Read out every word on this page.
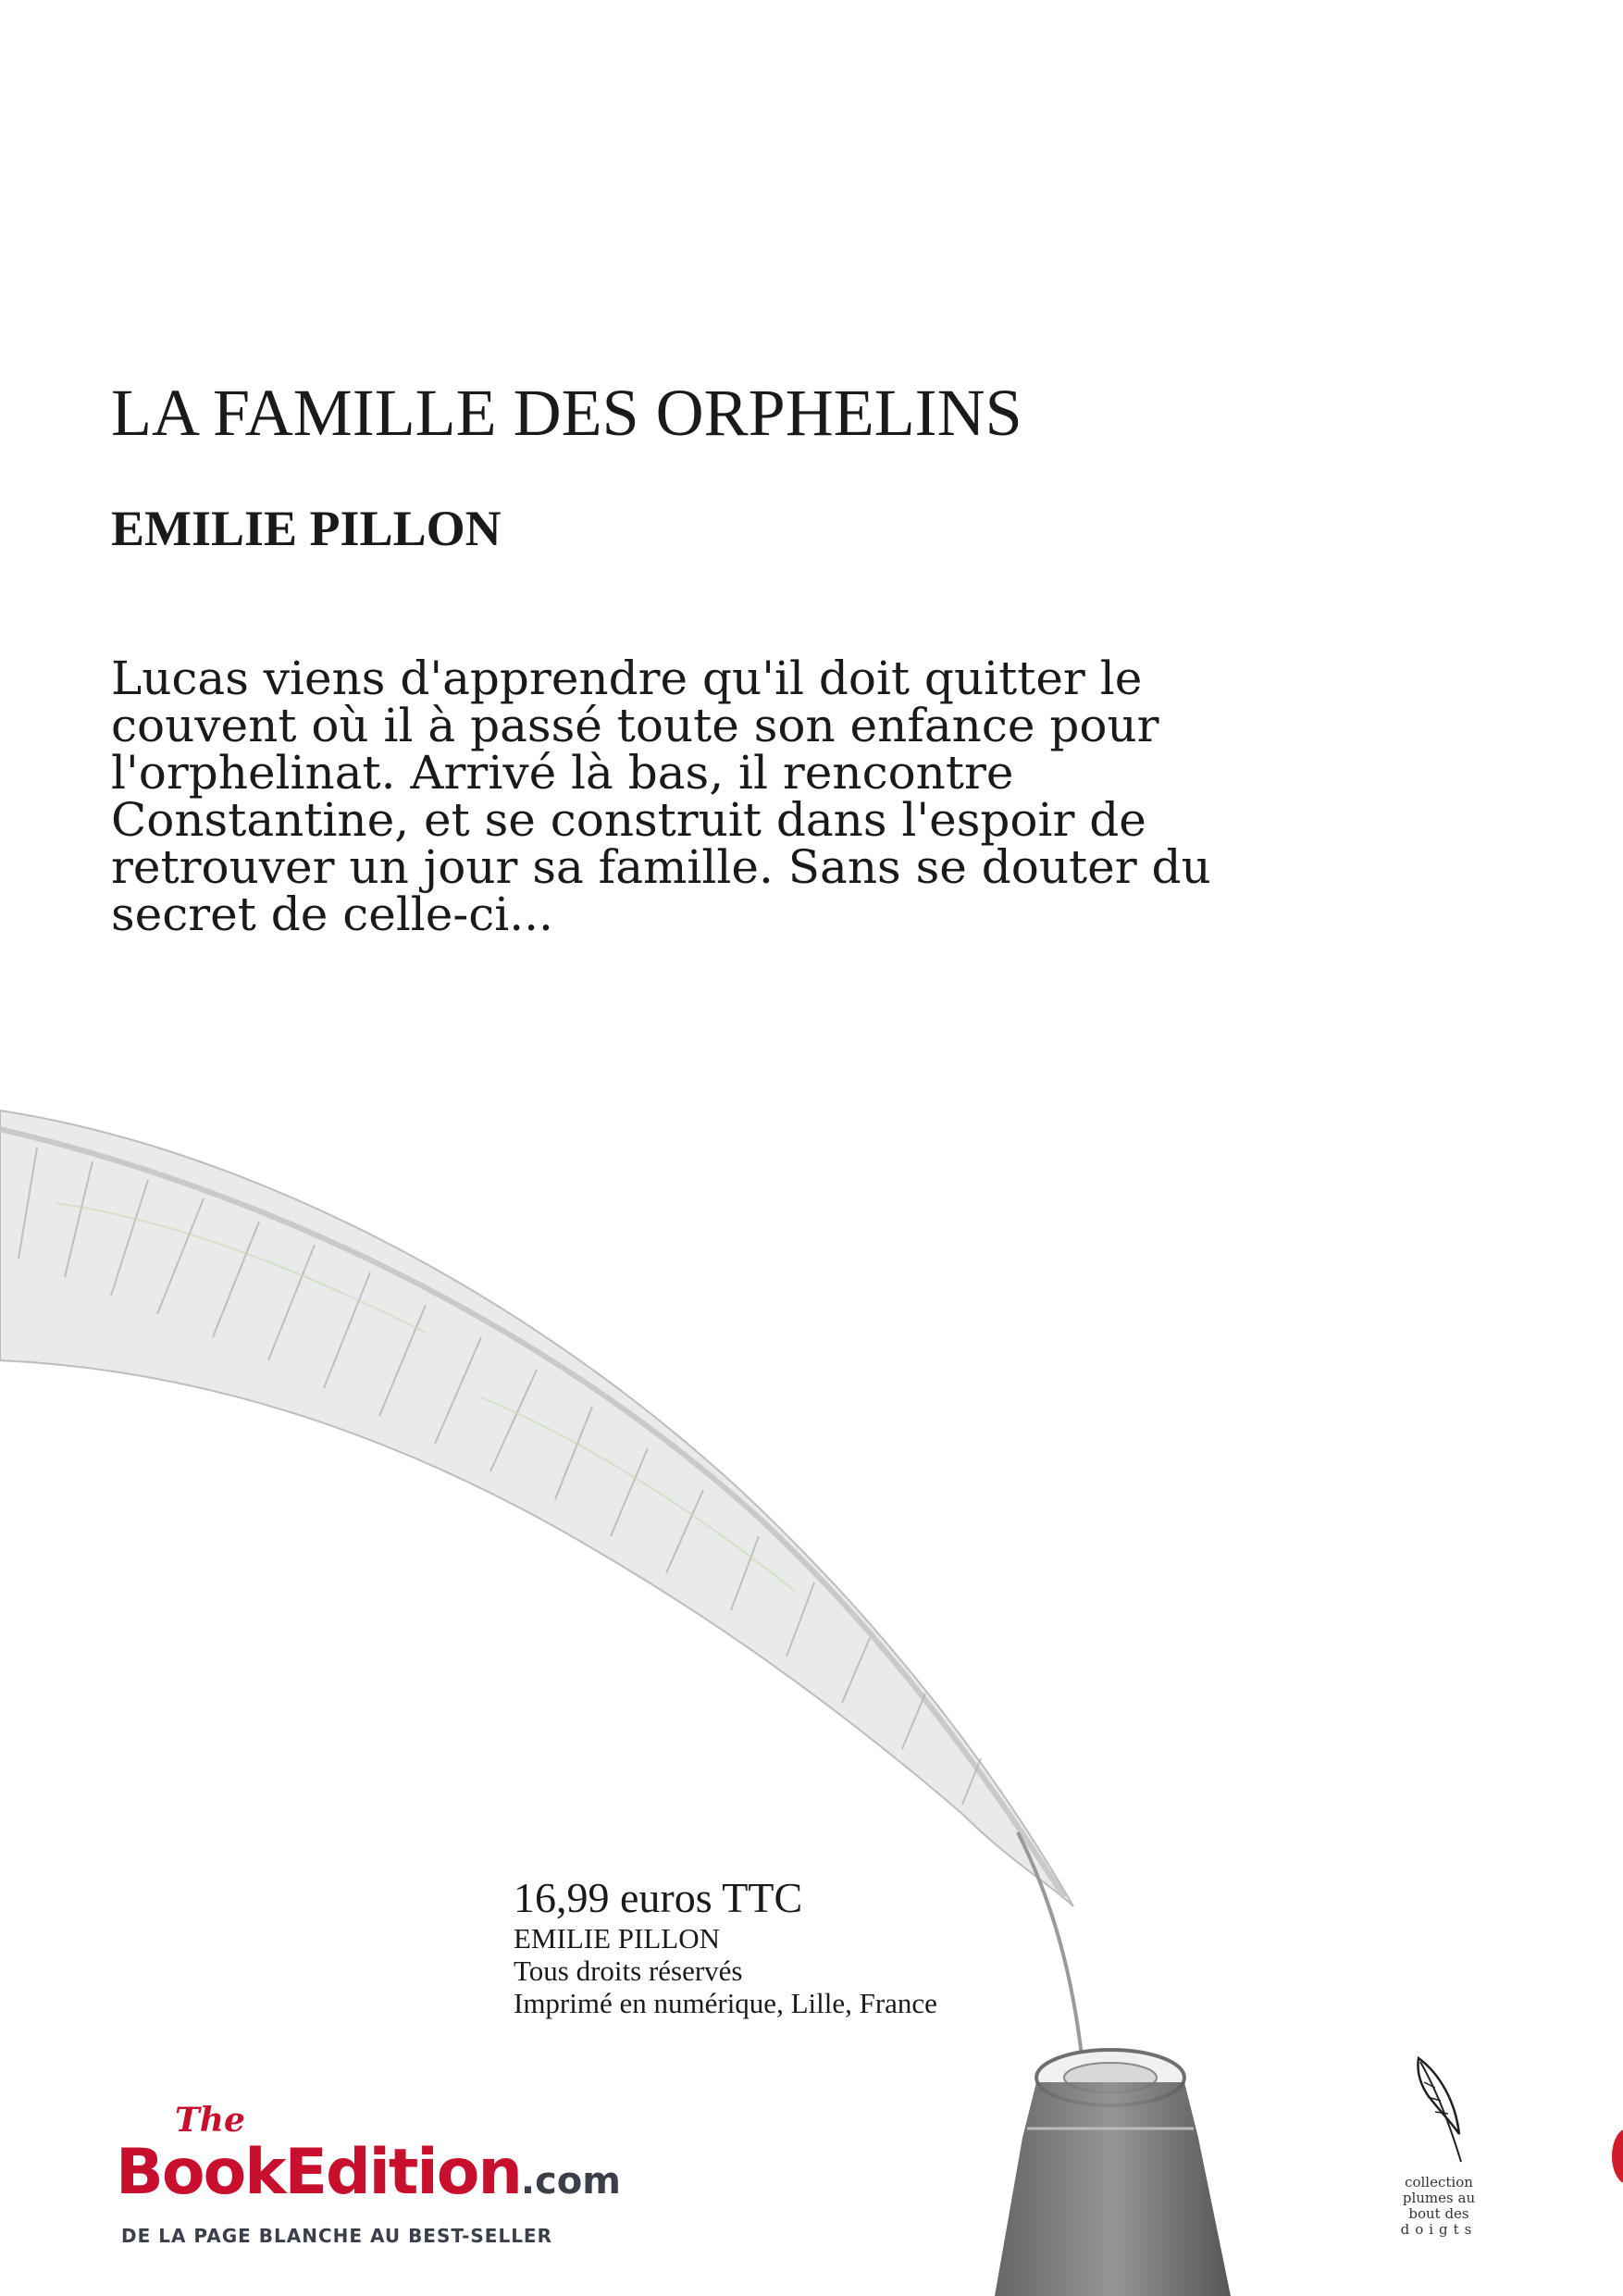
LA FAMILLE DES ORPHELINS
EMILIE PILLON
Lucas viens d'apprendre qu'il doit quitter le
couvent où il à passé toute son enfance pour
l'orphelinat. Arrivé là bas, il rencontre
Constantine, et se construit dans l'espoir de
retrouver un jour sa famille. Sans se douter du
secret de celle-ci...
16,99 euros TTC
EMILIE PILLON
Tous droits réservés
Imprimé en numérique, Lille, France
The
BookEdition.com
DE LA PAGE BLANCHE AU BEST-SELLER
collection
plumes au
bout des
doigts
